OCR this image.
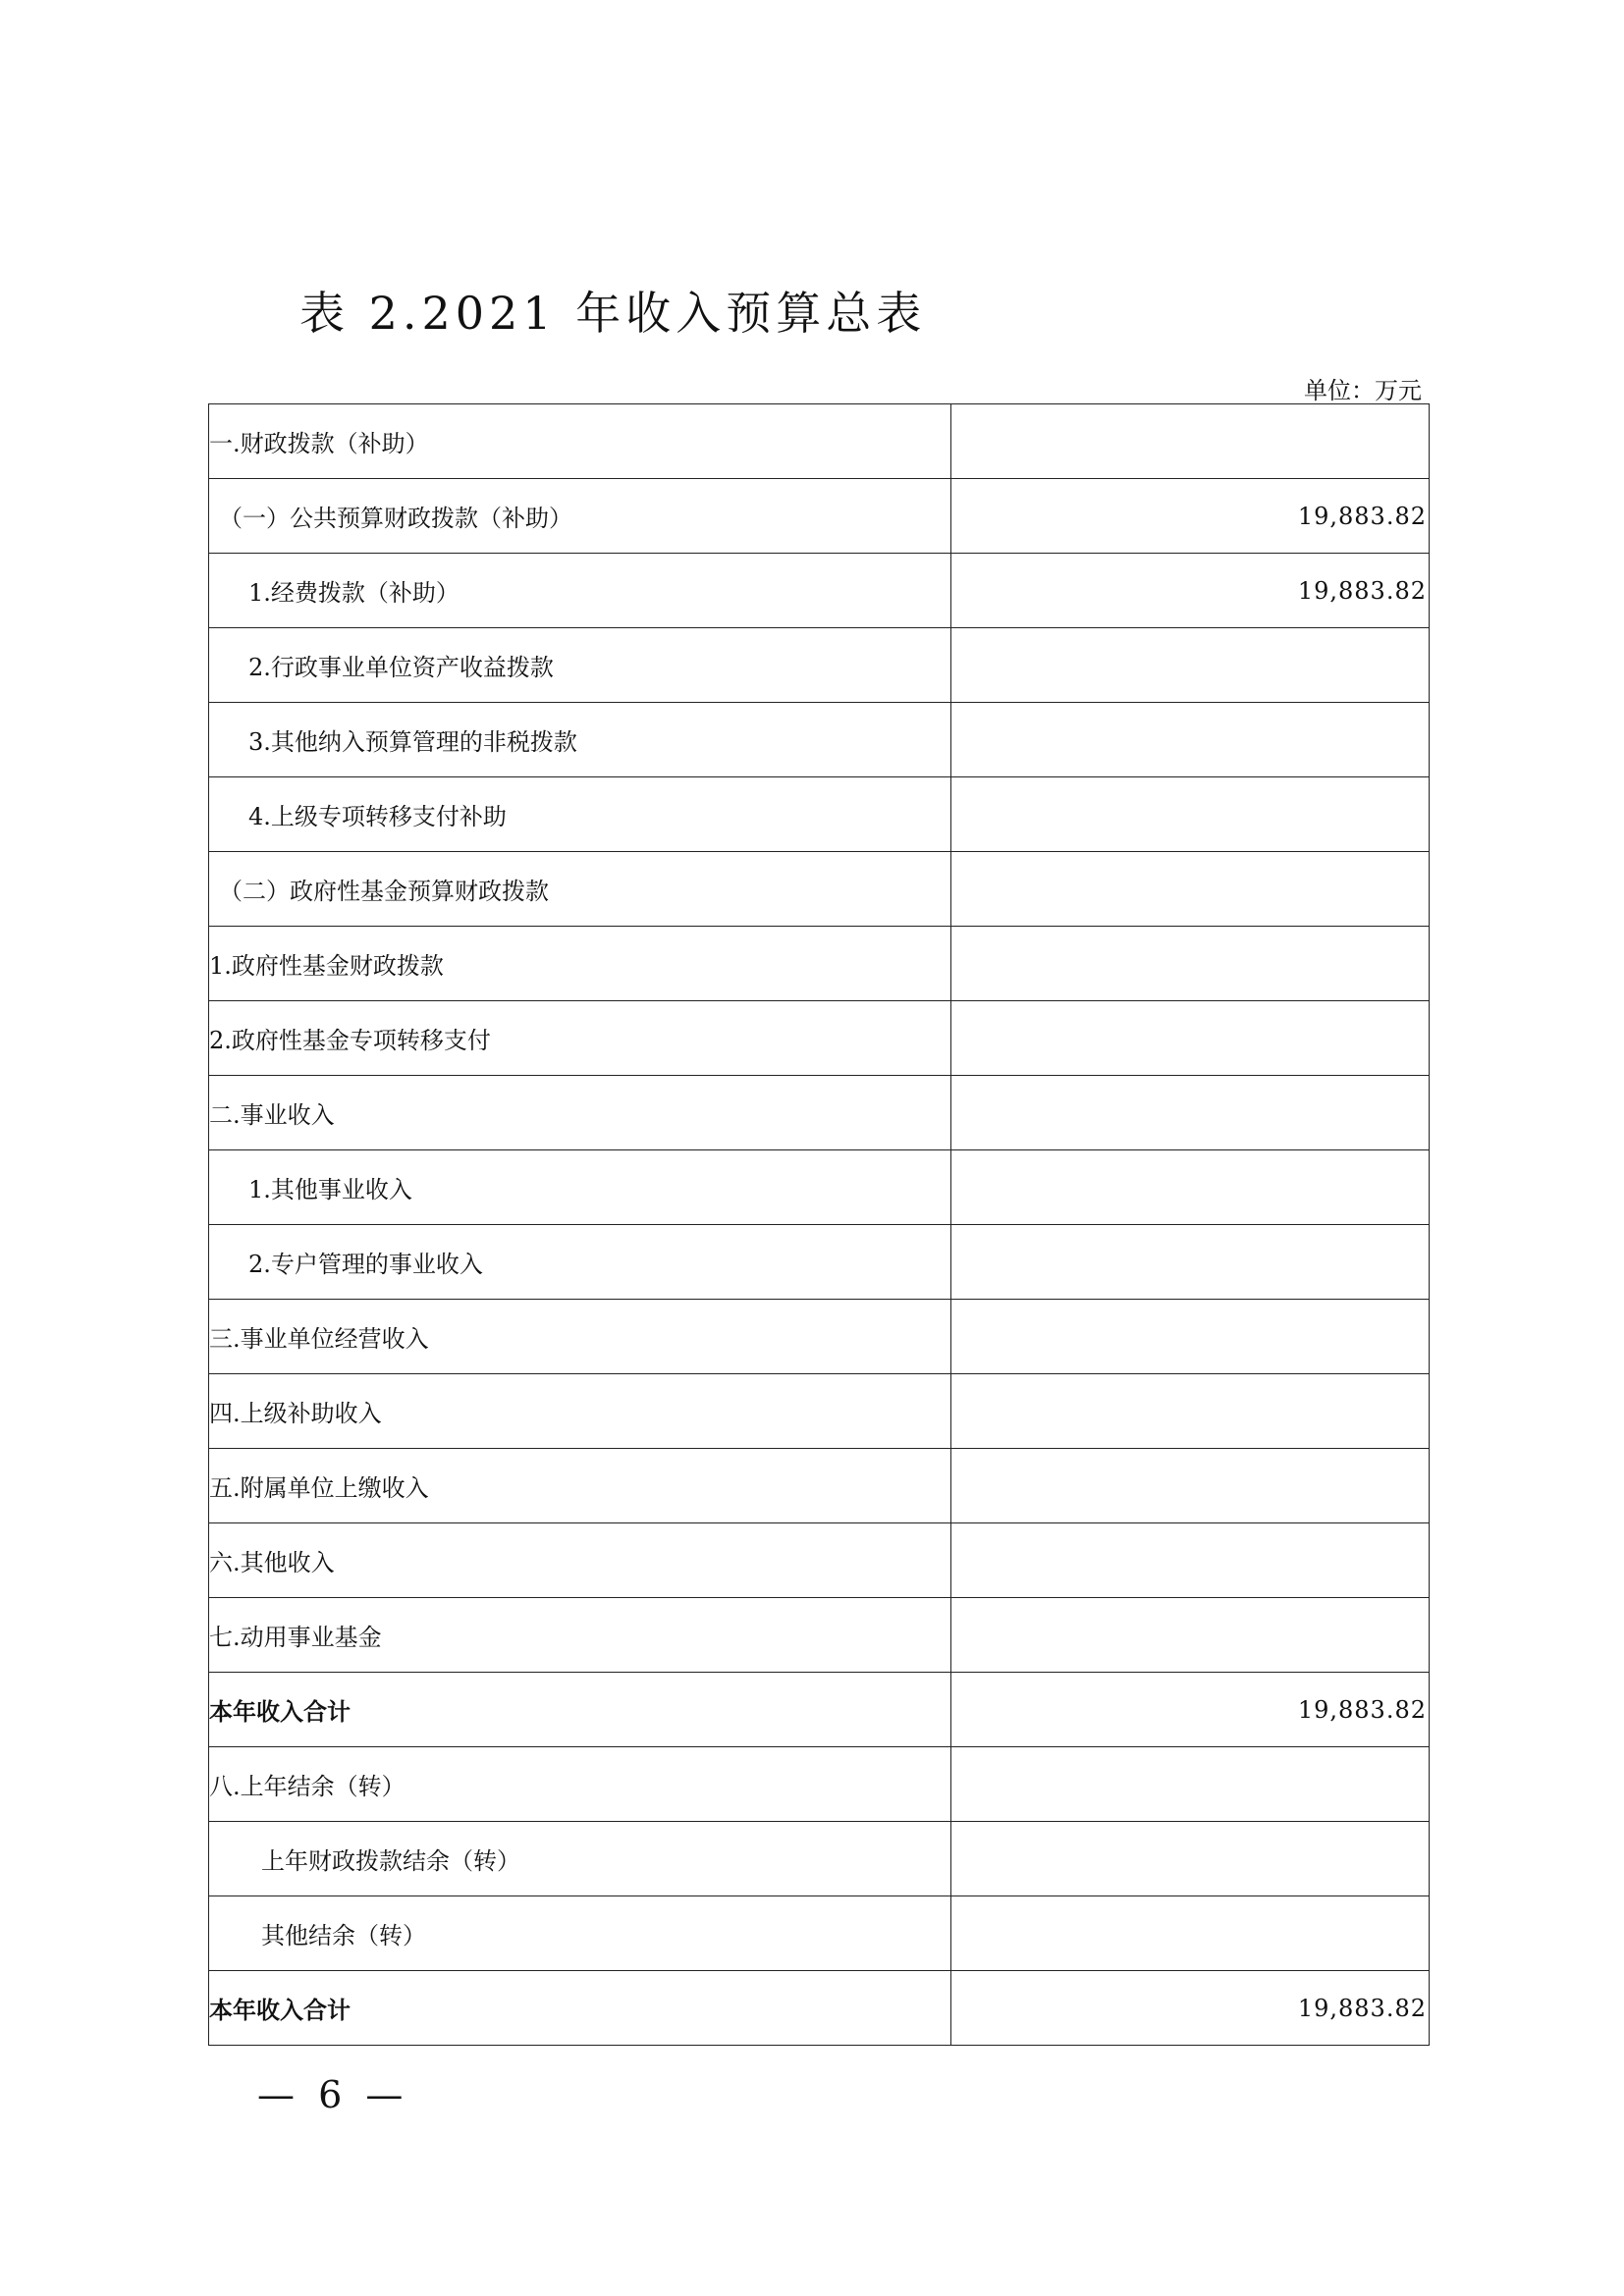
表 2.2021 年收入预算总表
单位：万元
一.财政拨款（补助）	
（一）公共预算财政拨款（补助）	19,883.82
1.经费拨款（补助）	19,883.82
2.行政事业单位资产收益拨款	
3.其他纳入预算管理的非税拨款	
4.上级专项转移支付补助	
（二）政府性基金预算财政拨款	
1.政府性基金财政拨款	
2.政府性基金专项转移支付	
二.事业收入	
1.其他事业收入	
2.专户管理的事业收入	
三.事业单位经营收入	
四.上级补助收入	
五.附属单位上缴收入	
六.其他收入	
七.动用事业基金	
本年收入合计	19,883.82
八.上年结余（转）	
上年财政拨款结余（转）	
其他结余（转）	
本年收入合计	19,883.82
— 6 —
